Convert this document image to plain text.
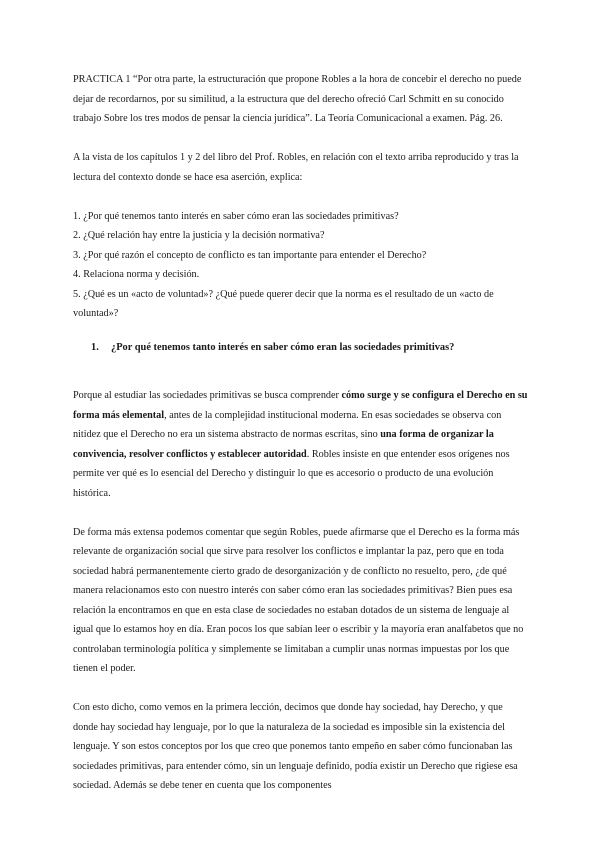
PRACTICA 1 “Por otra parte, la estructuración que propone Robles a la hora de concebir el derecho no puede dejar de recordarnos, por su similitud, a la estructura que del derecho ofreció Carl Schmitt en su conocido trabajo Sobre los tres modos de pensar la ciencia jurídica”. La Teoría Comunicacional a examen. Pág. 26.

A la vista de los capítulos 1 y 2 del libro del Prof. Robles, en relación con el texto arriba reproducido y tras la lectura del contexto donde se hace esa aserción, explica:

1. ¿Por qué tenemos tanto interés en saber cómo eran las sociedades primitivas?
2. ¿Qué relación hay entre la justicia y la decisión normativa?
3. ¿Por qué razón el concepto de conflicto es tan importante para entender el Derecho?
4. Relaciona norma y decisión.
5. ¿Qué es un «acto de voluntad»? ¿Qué puede querer decir que la norma es el resultado de un «acto de voluntad»?
1.	¿Por qué tenemos tanto interés en saber cómo eran las sociedades primitivas?

Porque al estudiar las sociedades primitivas se busca comprender cómo surge y se configura el Derecho en su forma más elemental, antes de la complejidad institucional moderna. En esas sociedades se observa con nitidez que el Derecho no era un sistema abstracto de normas escritas, sino una forma de organizar la convivencia, resolver conflictos y establecer autoridad. Robles insiste en que entender esos orígenes nos permite ver qué es lo esencial del Derecho y distinguir lo que es accesorio o producto de una evolución histórica.

De forma más extensa podemos comentar que según Robles, puede afirmarse que el Derecho es la forma más relevante de organización social que sirve para resolver los conflictos e implantar la paz, pero que en toda sociedad habrá permanentemente cierto grado de desorganización y de conflicto no resuelto, pero, ¿de qué manera relacionamos esto con nuestro interés con saber cómo eran las sociedades primitivas? Bien pues esa relación la encontramos en que en esta clase de sociedades no estaban dotados de un sistema de lenguaje al igual que lo estamos hoy en día. Eran pocos los que sabían leer o escribir y la mayoría eran analfabetos que no controlaban terminología política y simplemente se limitaban a cumplir unas normas impuestas por los que tienen el poder.

Con esto dicho, como vemos en la primera lección, decimos que donde hay sociedad, hay Derecho, y que donde hay sociedad hay lenguaje, por lo que la naturaleza de la sociedad es imposible sin la existencia del lenguaje. Y son estos conceptos por los que creo que ponemos tanto empeño en saber cómo funcionaban las sociedades primitivas, para entender cómo, sin un lenguaje definido, podía existir un Derecho que rigiese esa sociedad. Además se debe tener en cuenta que los componentes
